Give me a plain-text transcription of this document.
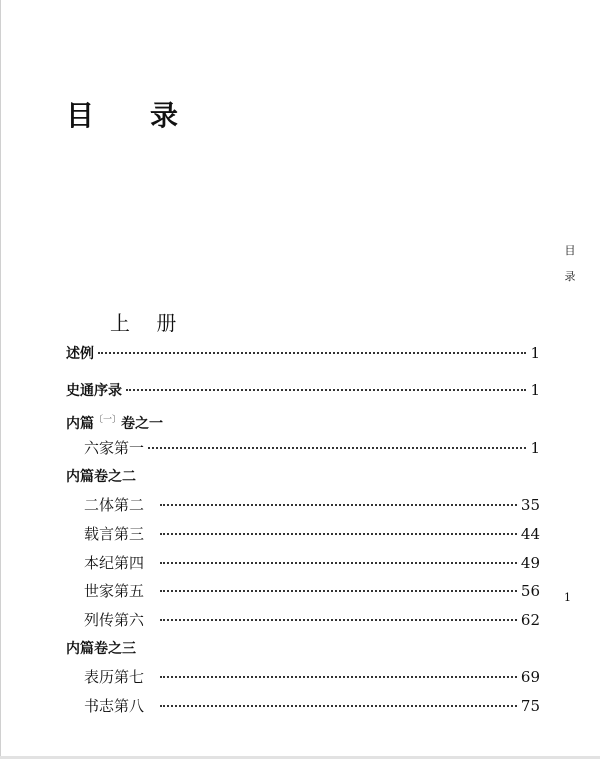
目 录
目
录
1
上 册
述例	1
史通序录	1
内篇$^{〔一〕}$卷之一
六家第一	1
内篇卷之二
二体第二	35
载言第三	44
本纪第四	49
世家第五	56
列传第六	62
内篇卷之三
表历第七	69
书志第八	75
